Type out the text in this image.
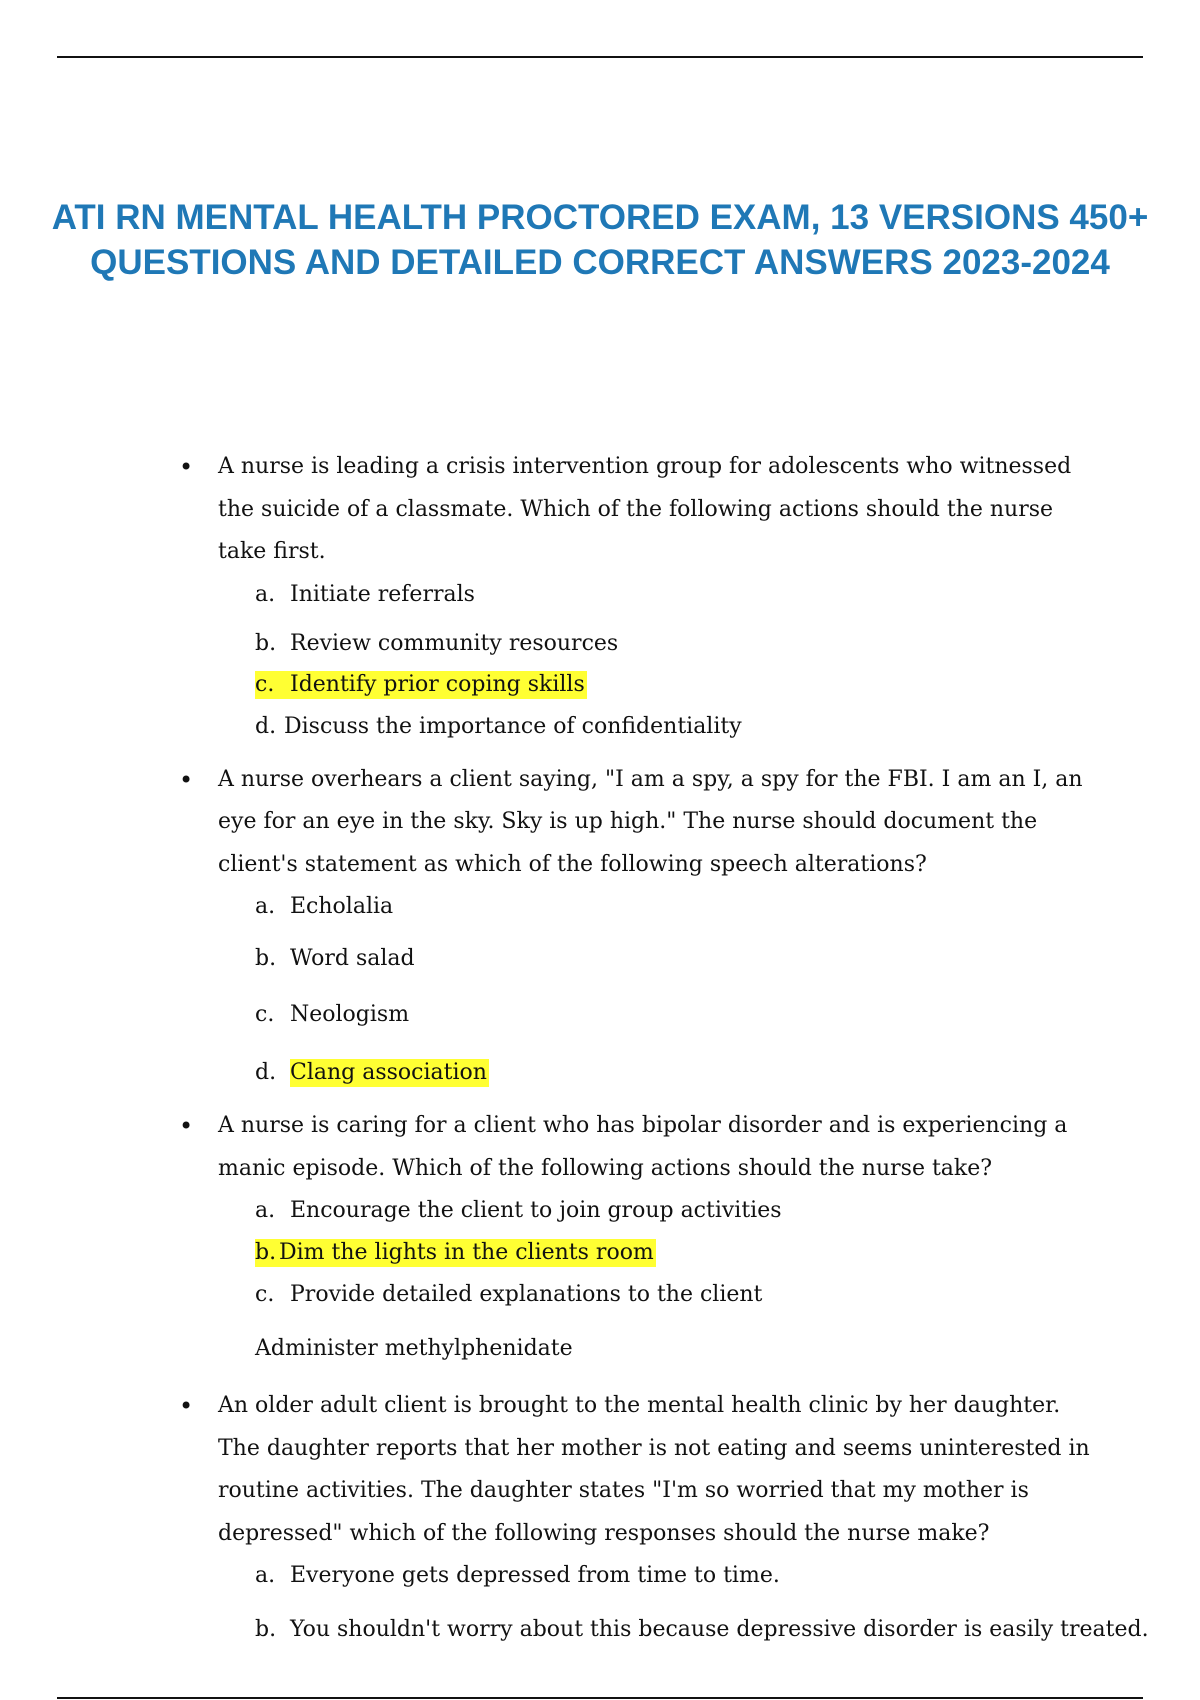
ATI RN MENTAL HEALTH PROCTORED EXAM, 13 VERSIONS 450+ QUESTIONS AND DETAILED CORRECT ANSWERS 2023-2024
• A nurse is leading a crisis intervention group for adolescents who witnessed the suicide of a classmate. Which of the following actions should the nurse take first.
a. Initiate referrals
b. Review community resources
c. Identify prior coping skills
d. Discuss the importance of confidentiality
• A nurse overhears a client saying, "I am a spy, a spy for the FBI. I am an I, an eye for an eye in the sky. Sky is up high." The nurse should document the client's statement as which of the following speech alterations?
a. Echolalia
b. Word salad
c. Neologism
d. Clang association
• A nurse is caring for a client who has bipolar disorder and is experiencing a manic episode. Which of the following actions should the nurse take?
a. Encourage the client to join group activities
b. Dim the lights in the clients room
c. Provide detailed explanations to the client
Administer methylphenidate
• An older adult client is brought to the mental health clinic by her daughter. The daughter reports that her mother is not eating and seems uninterested in routine activities. The daughter states "I'm so worried that my mother is depressed" which of the following responses should the nurse make?
a. Everyone gets depressed from time to time.
b. You shouldn't worry about this because depressive disorder is easily treated.
